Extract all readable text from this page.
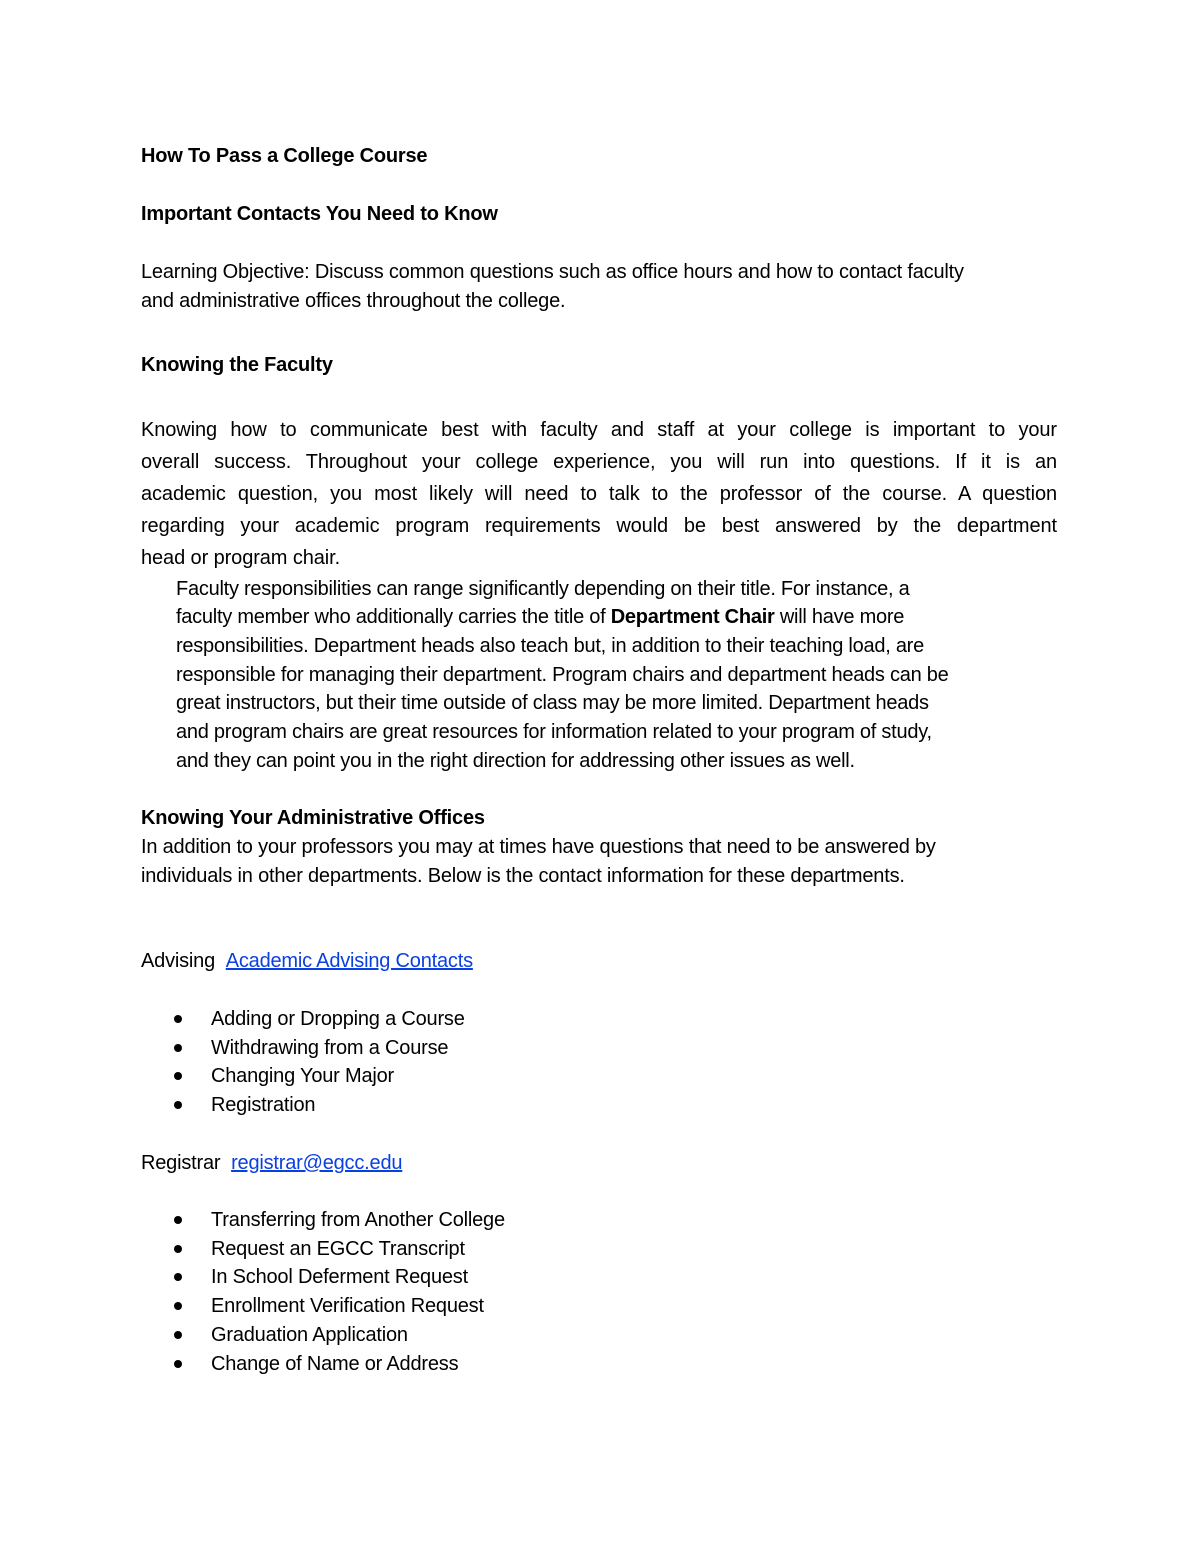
How To Pass a College Course
Important Contacts You Need to Know
Learning Objective: Discuss common questions such as office hours and how to contact faculty
and administrative offices throughout the college.
Knowing the Faculty
Knowing how to communicate best with faculty and staff at your college is important to your
overall success. Throughout your college experience, you will run into questions. If it is an
academic question, you most likely will need to talk to the professor of the course. A question
regarding your academic program requirements would be best answered by the department
head or program chair.
Faculty responsibilities can range significantly depending on their title. For instance, a
faculty member who additionally carries the title of Department Chair will have more
responsibilities. Department heads also teach but, in addition to their teaching load, are
responsible for managing their department. Program chairs and department heads can be
great instructors, but their time outside of class may be more limited. Department heads
and program chairs are great resources for information related to your program of study,
and they can point you in the right direction for addressing other issues as well.
Knowing Your Administrative Offices
In addition to your professors you may at times have questions that need to be answered by
individuals in other departments. Below is the contact information for these departments.
Advising Academic Advising Contacts
Adding or Dropping a Course
Withdrawing from a Course
Changing Your Major
Registration
Registrar registrar@egcc.edu
Transferring from Another College
Request an EGCC Transcript
In School Deferment Request
Enrollment Verification Request
Graduation Application
Change of Name or Address
